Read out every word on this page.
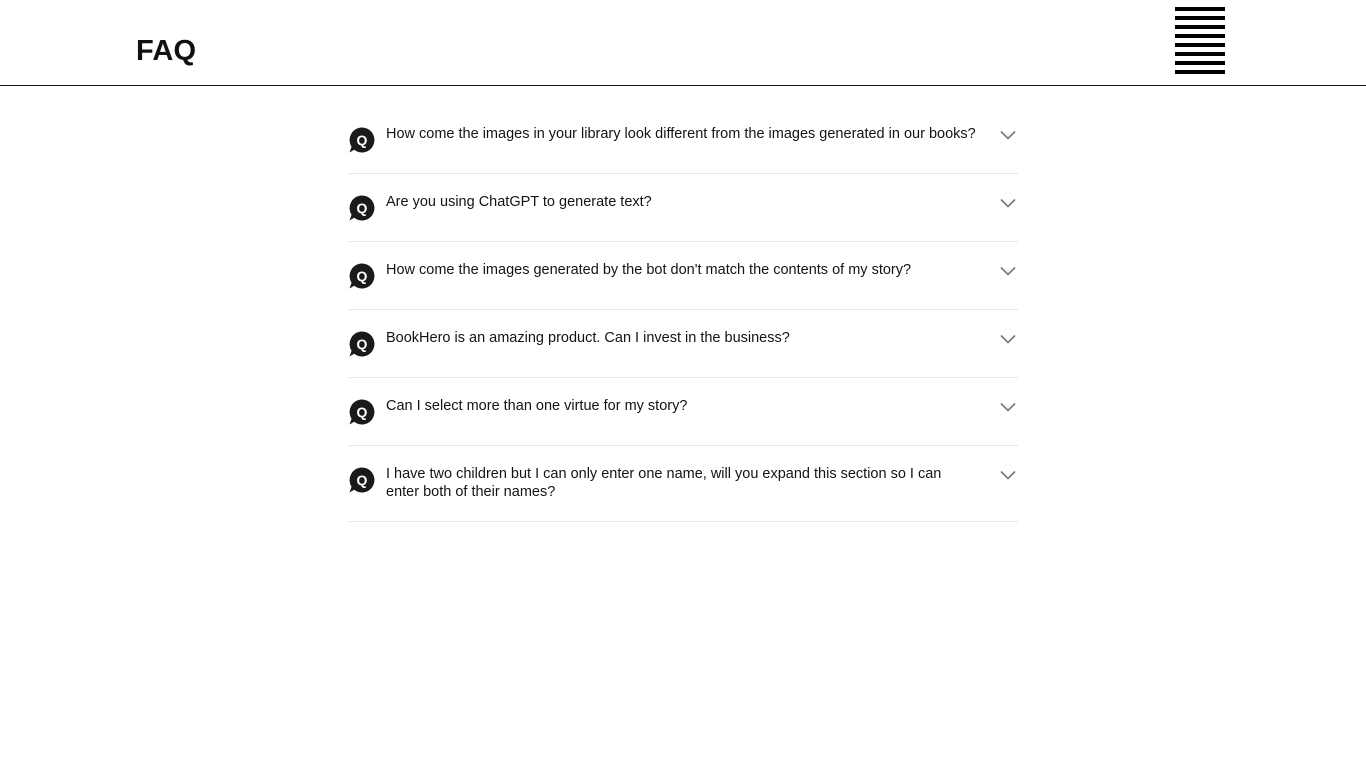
FAQ
Q How come the images in your library look different from the images generated in our books?
Q Are you using ChatGPT to generate text?
Q How come the images generated by the bot don't match the contents of my story?
Q BookHero is an amazing product. Can I invest in the business?
Q Can I select more than one virtue for my story?
Q I have two children but I can only enter one name, will you expand this section so I can enter both of their names?
